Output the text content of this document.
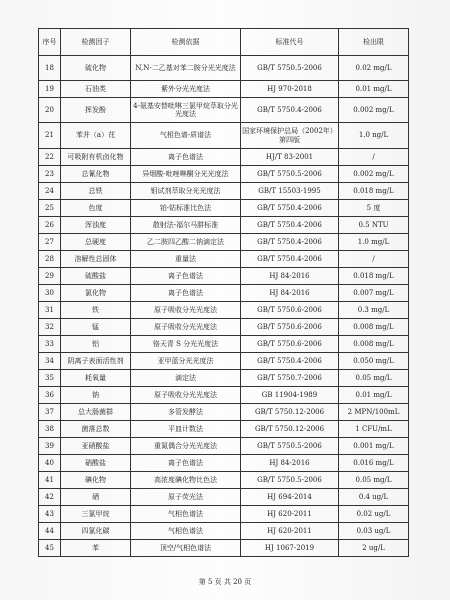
序号	检测因子	检测依据	标准代号	检出限
18	硫化物	N,N-二乙基对苯二胺分光光度法	GB/T 5750.5-2006	0.02 mg/L
19	石油类	紫外分光光度法	HJ 970-2018	0.01 mg/L
20	挥发酚	4-氨基安替吡啉三氯甲烷萃取分光光度法	GB/T 5750.4-2006	0.002 mg/L
21	苯并（a）芘	气相色谱-质谱法	国家环境保护总局（2002年）第四版	1.0 ng/L
22	可吸附有机卤化物	离子色谱法	HJ/T 83-2001	/
23	总氰化物	异烟酸-吡唑啉酮分光光度法	GB/T 5750.5-2006	0.002 mg/L
24	总铁	钼试剂萃取分光光度法	GB/T 15503-1995	0.018 mg/L
25	色度	铂-钴标准比色法	GB/T 5750.4-2006	5 度
26	浑浊度	散射法-福尔马肼标准	GB/T 5750.4-2006	0.5 NTU
27	总硬度	乙二胺四乙酸二钠滴定法	GB/T 5750.4-2006	1.0 mg/L
28	溶解性总固体	重量法	GB/T 5750.4-2006	/
29	硫酸盐	离子色谱法	HJ 84-2016	0.018 mg/L
30	氯化物	离子色谱法	HJ 84-2016	0.007 mg/L
31	铁	原子吸收分光光度法	GB/T 5750.6-2006	0.3 mg/L
32	锰	原子吸收分光光度法	GB/T 5750.6-2006	0.008 mg/L
33	铝	铬天青 S 分光光度法	GB/T 5750.6-2006	0.008 mg/L
34	阴离子表面活性剂	亚甲蓝分光光度法	GB/T 5750.4-2006	0.050 mg/L
35	耗氧量	滴定法	GB/T 5750.7-2006	0.05 mg/L
36	钠	原子吸收分光光度法	GB 11904-1989	0.01 mg/L
37	总大肠菌群	多管发酵法	GB/T 5750.12-2006	2 MPN/100mL
38	菌落总数	平皿计数法	GB/T 5750.12-2006	1 CFU/mL
39	亚硝酸盐	重氮偶合分光光度法	GB/T 5750.5-2006	0.001 mg/L
40	硝酸盐	离子色谱法	HJ 84-2016	0.016 mg/L
41	碘化物	高浓度碘化物比色法	GB/T 5750.5-2006	0.05 mg/L
42	硒	原子荧光法	HJ 694-2014	0.4 ug/L
43	三氯甲烷	气相色谱法	HJ 620-2011	0.02 ug/L
44	四氯化碳	气相色谱法	HJ 620-2011	0.03 ug/L
45	苯	顶空/气相色谱法	HJ 1067-2019	2 ug/L
第 5 页 共 20 页
